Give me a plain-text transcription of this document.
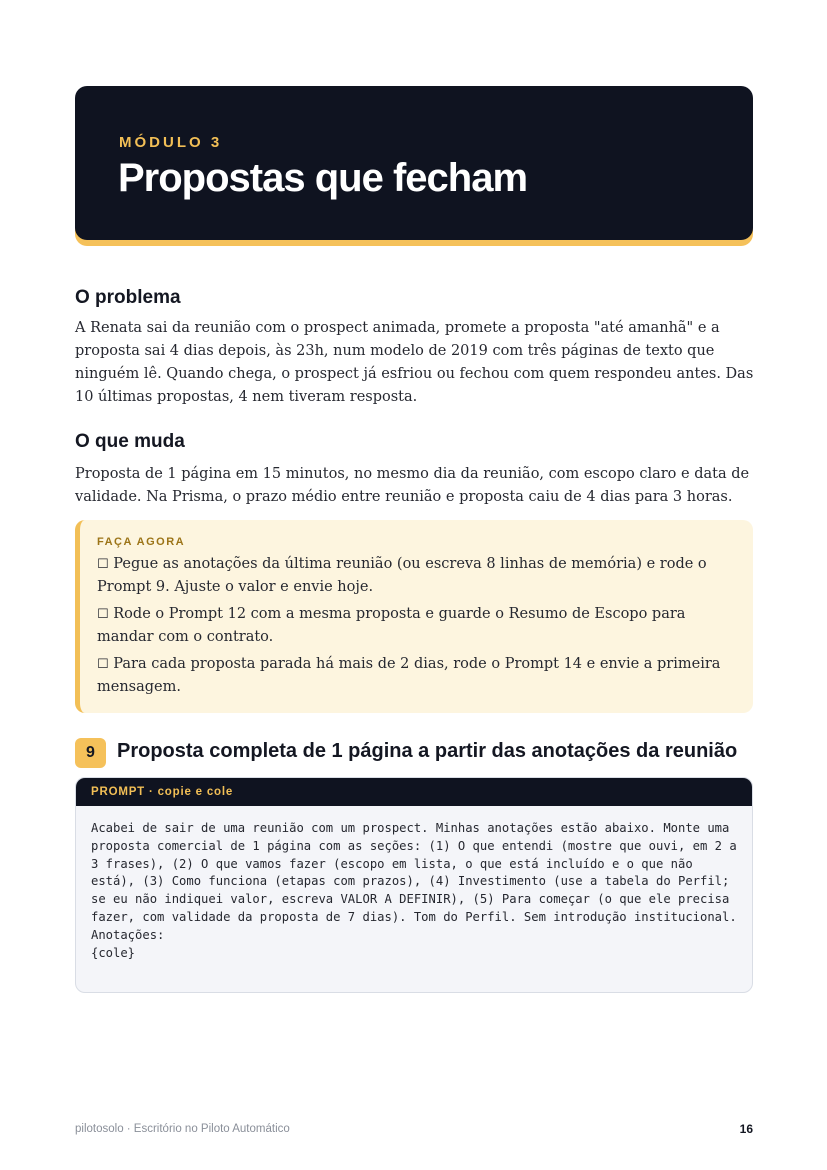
MÓDULO 3
Propostas que fecham
O problema

A Renata sai da reunião com o prospect animada, promete a proposta "até amanhã" e a proposta sai 4 dias depois, às 23h, num modelo de 2019 com três páginas de texto que ninguém lê. Quando chega, o prospect já esfriou ou fechou com quem respondeu antes. Das 10 últimas propostas, 4 nem tiveram resposta.

O que muda

Proposta de 1 página em 15 minutos, no mesmo dia da reunião, com escopo claro e data de validade. Na Prisma, o prazo médio entre reunião e proposta caiu de 4 dias para 3 horas.

FAÇA AGORA
☐ Pegue as anotações da última reunião (ou escreva 8 linhas de memória) e rode o Prompt 9. Ajuste o valor e envie hoje.
☐ Rode o Prompt 12 com a mesma proposta e guarde o Resumo de Escopo para mandar com o contrato.
☐ Para cada proposta parada há mais de 2 dias, rode o Prompt 14 e envie a primeira mensagem.
9	Proposta completa de 1 página a partir das anotações da reunião
PROMPT · copie e cole
Acabei de sair de uma reunião com um prospect. Minhas anotações estão abaixo. Monte uma proposta comercial de 1 página com as seções: (1) O que entendi (mostre que ouvi, em 2 a 3 frases), (2) O que vamos fazer (escopo em lista, o que está incluído e o que não está), (3) Como funciona (etapas com prazos), (4) Investimento (use a tabela do Perfil; se eu não indiquei valor, escreva VALOR A DEFINIR), (5) Para começar (o que ele precisa fazer, com validade da proposta de 7 dias). Tom do Perfil. Sem introdução institucional.
Anotações:
{cole}
pilotosolo · Escritório no Piloto Automático	16
